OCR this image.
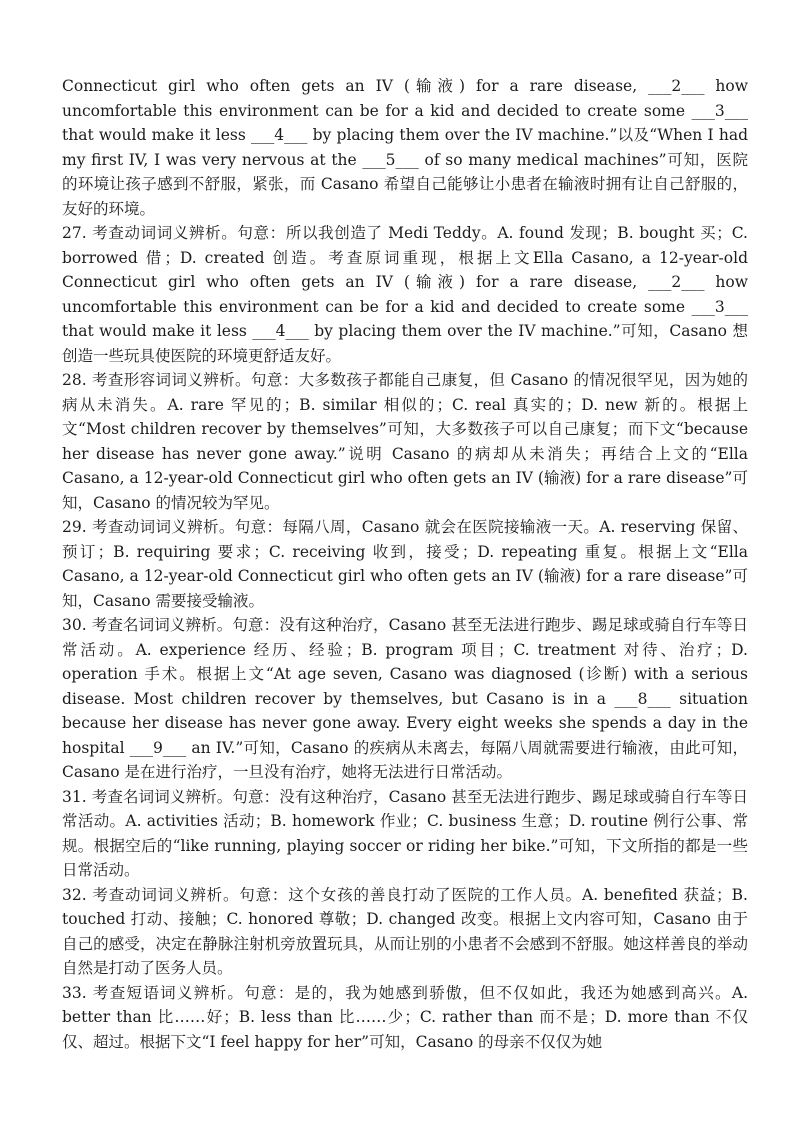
Connecticut girl who often gets an IV (输液) for a rare disease, ___2___ how uncomfortable this environment can be for a kid and decided to create some ___3___ that would make it less ___4___ by placing them over the IV machine.”以及“When I had my first IV, I was very nervous at the ___5___ of so many medical machines”可知，医院的环境让孩子感到不舒服，紧张，而 Casano 希望自己能够让小患者在输液时拥有让自己舒服的，友好的环境。

27. 考查动词词义辨析。句意：所以我创造了 Medi Teddy。A. found 发现；B. bought 买；C. borrowed 借；D. created 创造。考查原词重现，根据上文Ella Casano, a 12-year-old Connecticut girl who often gets an IV (输液) for a rare disease, ___2___ how uncomfortable this environment can be for a kid and decided to create some ___3___ that would make it less ___4___ by placing them over the IV machine.”可知，Casano 想创造一些玩具使医院的环境更舒适友好。

28. 考查形容词词义辨析。句意：大多数孩子都能自己康复，但 Casano 的情况很罕见，因为她的病从未消失。A. rare 罕见的；B. similar 相似的；C. real 真实的；D. new 新的。根据上文“Most children recover by themselves”可知，大多数孩子可以自己康复；而下文“because her disease has never gone away.”说明 Casano 的病却从未消失；再结合上文的“Ella Casano, a 12-year-old Connecticut girl who often gets an IV (输液) for a rare disease”可知，Casano 的情况较为罕见。

29. 考查动词词义辨析。句意：每隔八周，Casano 就会在医院接输液一天。A. reserving 保留、预订；B. requiring 要求；C. receiving 收到，接受；D. repeating 重复。根据上文“Ella Casano, a 12-year-old Connecticut girl who often gets an IV (输液) for a rare disease”可知，Casano 需要接受输液。

30. 考查名词词义辨析。句意：没有这种治疗，Casano 甚至无法进行跑步、踢足球或骑自行车等日常活动。A. experience 经历、经验；B. program 项目；C. treatment 对待、治疗；D. operation 手术。根据上文“At age seven, Casano was diagnosed (诊断) with a serious disease. Most children recover by themselves, but Casano is in a ___8___ situation because her disease has never gone away. Every eight weeks she spends a day in the hospital ___9___ an IV.”可知，Casano 的疾病从未离去，每隔八周就需要进行输液，由此可知，Casano 是在进行治疗，一旦没有治疗，她将无法进行日常活动。

31. 考查名词词义辨析。句意：没有这种治疗，Casano 甚至无法进行跑步、踢足球或骑自行车等日常活动。A. activities 活动；B. homework 作业；C. business 生意；D. routine 例行公事、常规。根据空后的“like running, playing soccer or riding her bike.”可知，下文所指的都是一些日常活动。

32. 考查动词词义辨析。句意：这个女孩的善良打动了医院的工作人员。A. benefited 获益；B. touched 打动、接触；C. honored 尊敬；D. changed 改变。根据上文内容可知，Casano 由于自己的感受，决定在静脉注射机旁放置玩具，从而让别的小患者不会感到不舒服。她这样善良的举动自然是打动了医务人员。

33. 考查短语词义辨析。句意：是的，我为她感到骄傲，但不仅如此，我还为她感到高兴。A. better than 比……好；B. less than 比……少；C. rather than 而不是；D. more than 不仅仅、超过。根据下文“I feel happy for her”可知，Casano 的母亲不仅仅为她
